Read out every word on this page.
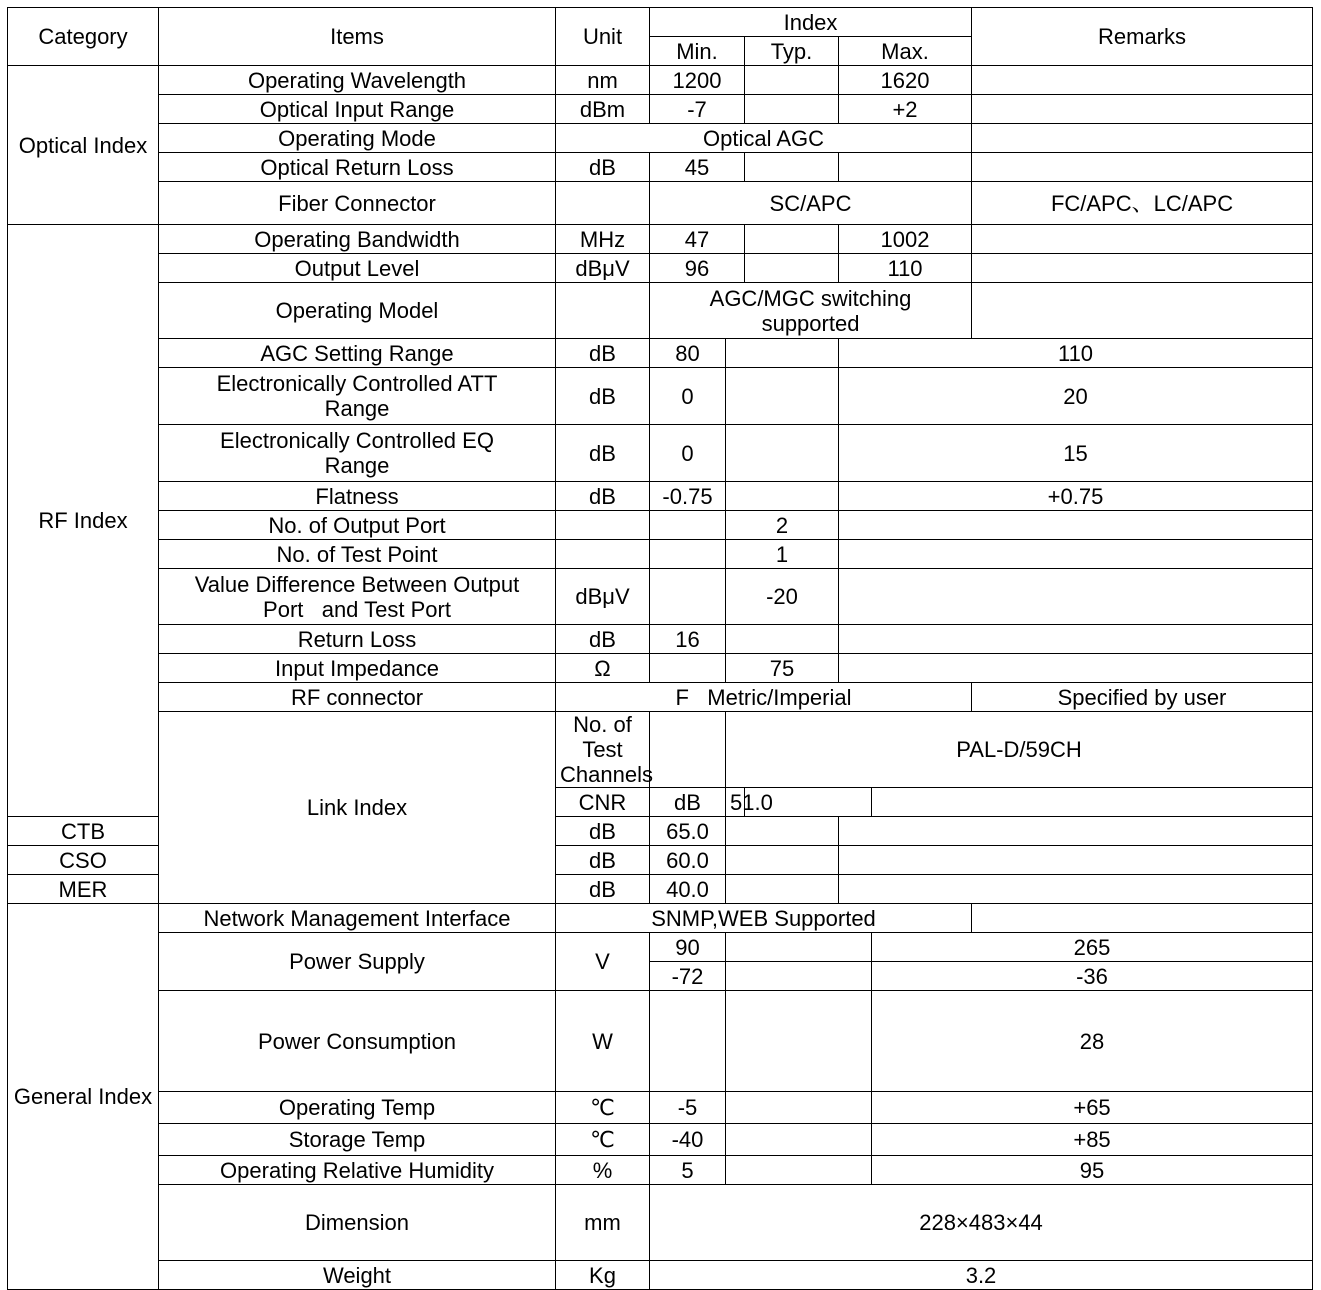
Category	Items	Unit	Index					Remarks	
			Min.		Typ.	Max.			
Optical Index	Operating Wavelength	nm	1200			1620			
	Optical Input Range	dBm	-7			+2			
	Operating Mode	Optical AGC							
	Optical Return Loss	dB	45						
	Fiber Connector		SC/APC					FC/APC、LC/APC	
RF Index	Operating Bandwidth	MHz	47			1002			
	Output Level	dBμV	96			110			
	Operating Model		AGC/MGC switching supported						
	AGC Setting Range	dB	80			110			
	Electronically Controlled ATT Range	dB	0			20			
	Electronically Controlled EQ Range	dB	0			15			
	Flatness	dB	-0.75			+0.75			
	No. of Output Port			2					
	No. of Test Point			1					
	Value Difference Between Output Port   and Test Port	dBμV		-20					
	Return Loss	dB	16						
	Input Impedance	Ω		75					
	RF connector	F   Metric/Imperial						Specified by user	
	Link Index	No. of Test Channels		PAL-D/59CH					
		CNR	dB	51.0			
CTB		dB	65.0						
CSO		dB	60.0						
MER		dB	40.0						
General Index	Network Management Interface	SNMP,WEB Supported							
	Power Supply	V	90				265	
			-72				-36	
	Power Consumption	W					28	
	Operating Temp	℃	-5				+65		
	Storage Temp	℃	-40				+85		
	Operating Relative Humidity	%	5				95		
	Dimension	mm	228×483×44	
	Weight	Kg	3.2						
